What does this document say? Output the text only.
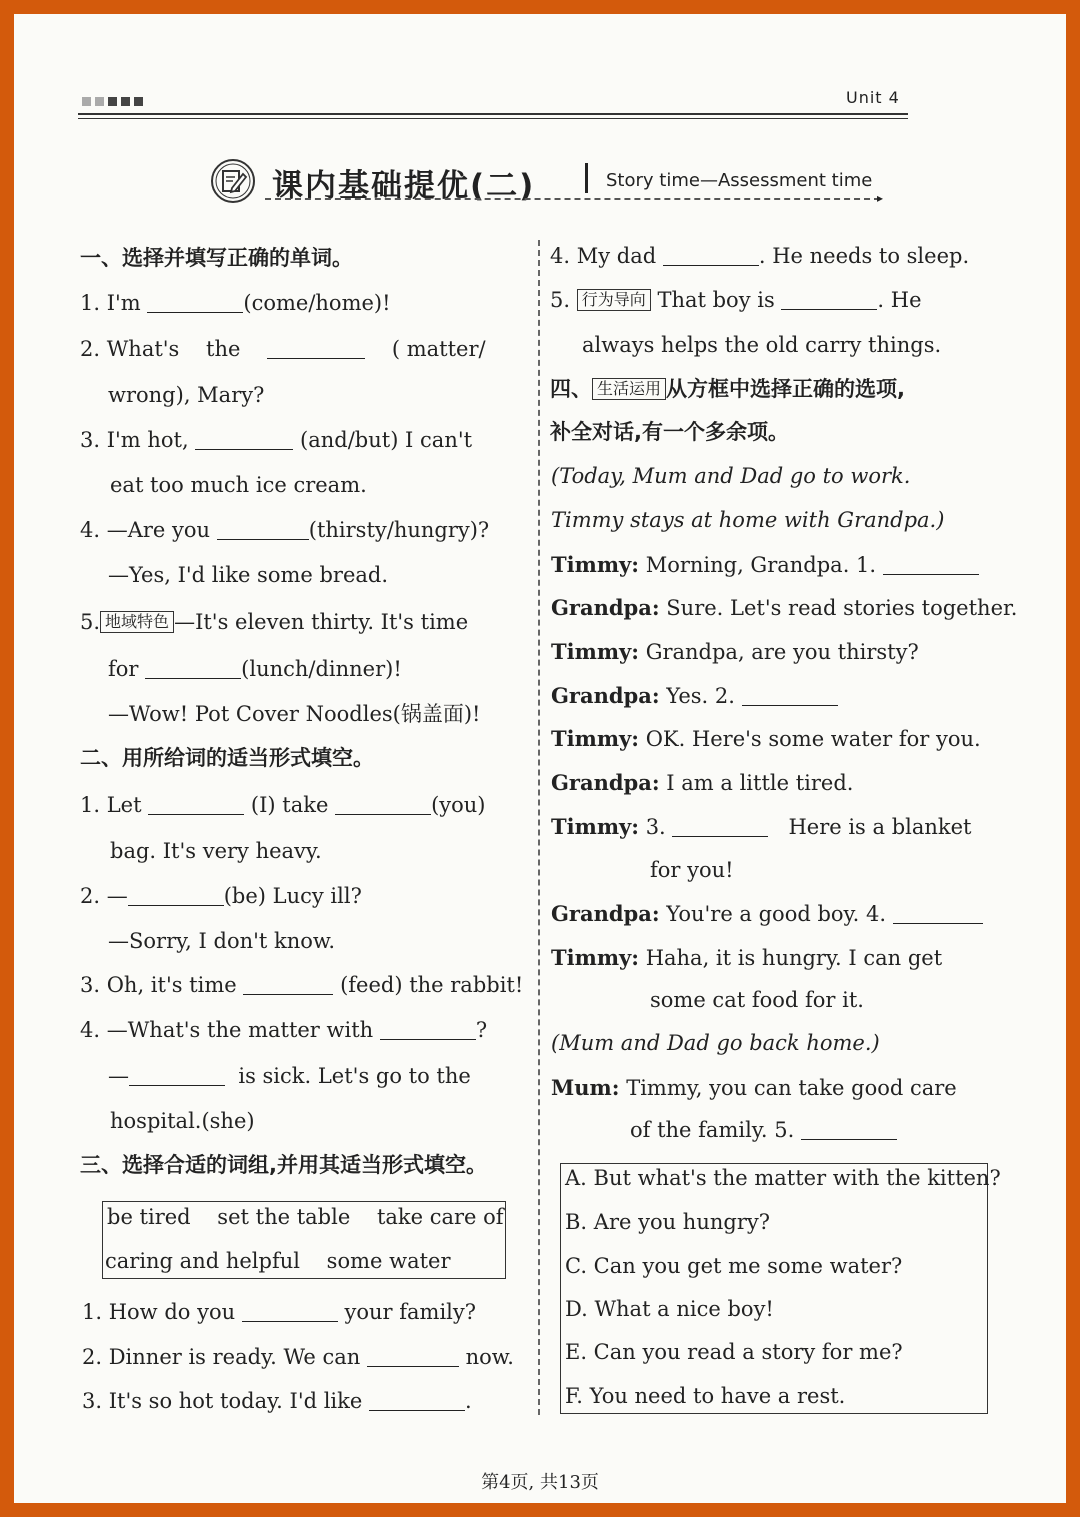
Unit 4
课内基础提优(二)	Story time—Assessment time
▸
一、选择并填写正确的单词。
1. I'm	(come/home)!
2. What's the	( matter/
wrong), Mary?
3. I'm hot,	(and/but) I can't
eat too much ice cream.
4. —Are you	(thirsty/hungry)?
—Yes, I'd like some bread.
5. 地域特色 —It's eleven thirty. It's time
for	(lunch/dinner)!
—Wow! Pot Cover Noodles(锅盖面)!
二、用所给词的适当形式填空。
1. Let	(I) take	(you)
bag. It's very heavy.
2. —	(be) Lucy ill?
—Sorry, I don't know.
3. Oh, it's time	(feed) the rabbit!
4. —What's the matter with	?
—	is sick. Let's go to the
hospital.(she)
三、选择合适的词组,并用其适当形式填空。
be tired    set the table    take care of
caring and helpful    some water
1. How do you	your family?
2. Dinner is ready. We can	now.
3. It's so hot today. I'd like	.
4. My dad	. He needs to sleep.
5. 行为导向 That boy is	. He
always helps the old carry things.
四、 生活运用 从方框中选择正确的选项,
补全对话,有一个多余项。
(Today, Mum and Dad go to work.
Timmy stays at home with Grandpa.)
Timmy: Morning, Grandpa. 1.
Grandpa: Sure. Let's read stories together.
Timmy: Grandpa, are you thirsty?
Grandpa: Yes. 2.
Timmy: OK. Here's some water for you.
Grandpa: I am a little tired.
Timmy: 3.	Here is a blanket
for you!
Grandpa: You're a good boy. 4.
Timmy: Haha, it is hungry. I can get
some cat food for it.
(Mum and Dad go back home.)
Mum: Timmy, you can take good care
of the family. 5.
A. But what's the matter with the kitten?
B. Are you hungry?
C. Can you get me some water?
D. What a nice boy!
E. Can you read a story for me?
F. You need to have a rest.
第4页, 共13页
